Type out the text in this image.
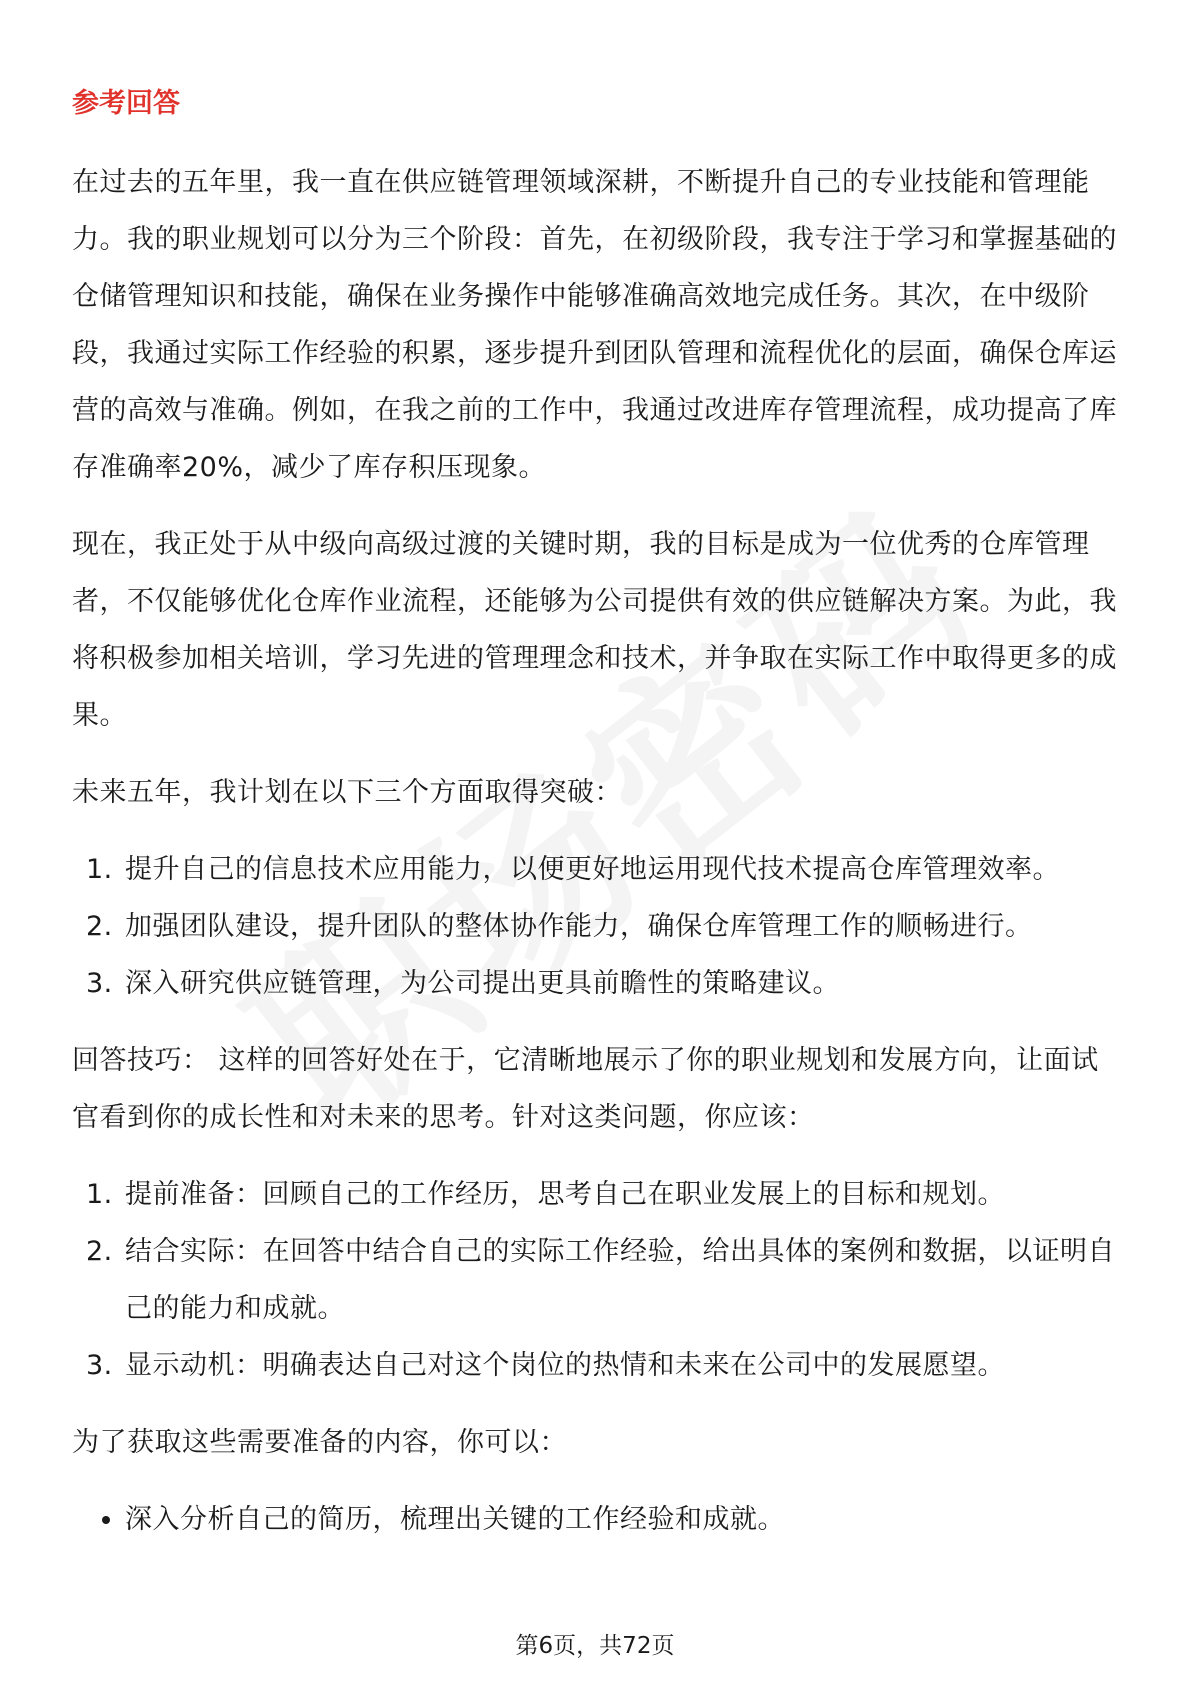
参考回答

在过去的五年里，我一直在供应链管理领域深耕，不断提升自己的专业技能和管理能力。我的职业规划可以分为三个阶段：首先，在初级阶段，我专注于学习和掌握基础的仓储管理知识和技能，确保在业务操作中能够准确高效地完成任务。其次，在中级阶段，我通过实际工作经验的积累，逐步提升到团队管理和流程优化的层面，确保仓库运营的高效与准确。例如，在我之前的工作中，我通过改进库存管理流程，成功提高了库存准确率20%，减少了库存积压现象。

现在，我正处于从中级向高级过渡的关键时期，我的目标是成为一位优秀的仓库管理者，不仅能够优化仓库作业流程，还能够为公司提供有效的供应链解决方案。为此，我将积极参加相关培训，学习先进的管理理念和技术，并争取在实际工作中取得更多的成果。

未来五年，我计划在以下三个方面取得突破：

1. 提升自己的信息技术应用能力，以便更好地运用现代技术提高仓库管理效率。
2. 加强团队建设，提升团队的整体协作能力，确保仓库管理工作的顺畅进行。
3. 深入研究供应链管理，为公司提出更具前瞻性的策略建议。

回答技巧： 这样的回答好处在于，它清晰地展示了你的职业规划和发展方向，让面试官看到你的成长性和对未来的思考。针对这类问题，你应该：

1. 提前准备：回顾自己的工作经历，思考自己在职业发展上的目标和规划。
2. 结合实际：在回答中结合自己的实际工作经验，给出具体的案例和数据，以证明自己的能力和成就。
3. 显示动机：明确表达自己对这个岗位的热情和未来在公司中的发展愿望。

为了获取这些需要准备的内容，你可以：

深入分析自己的简历，梳理出关键的工作经验和成就。
第6页，共72页
